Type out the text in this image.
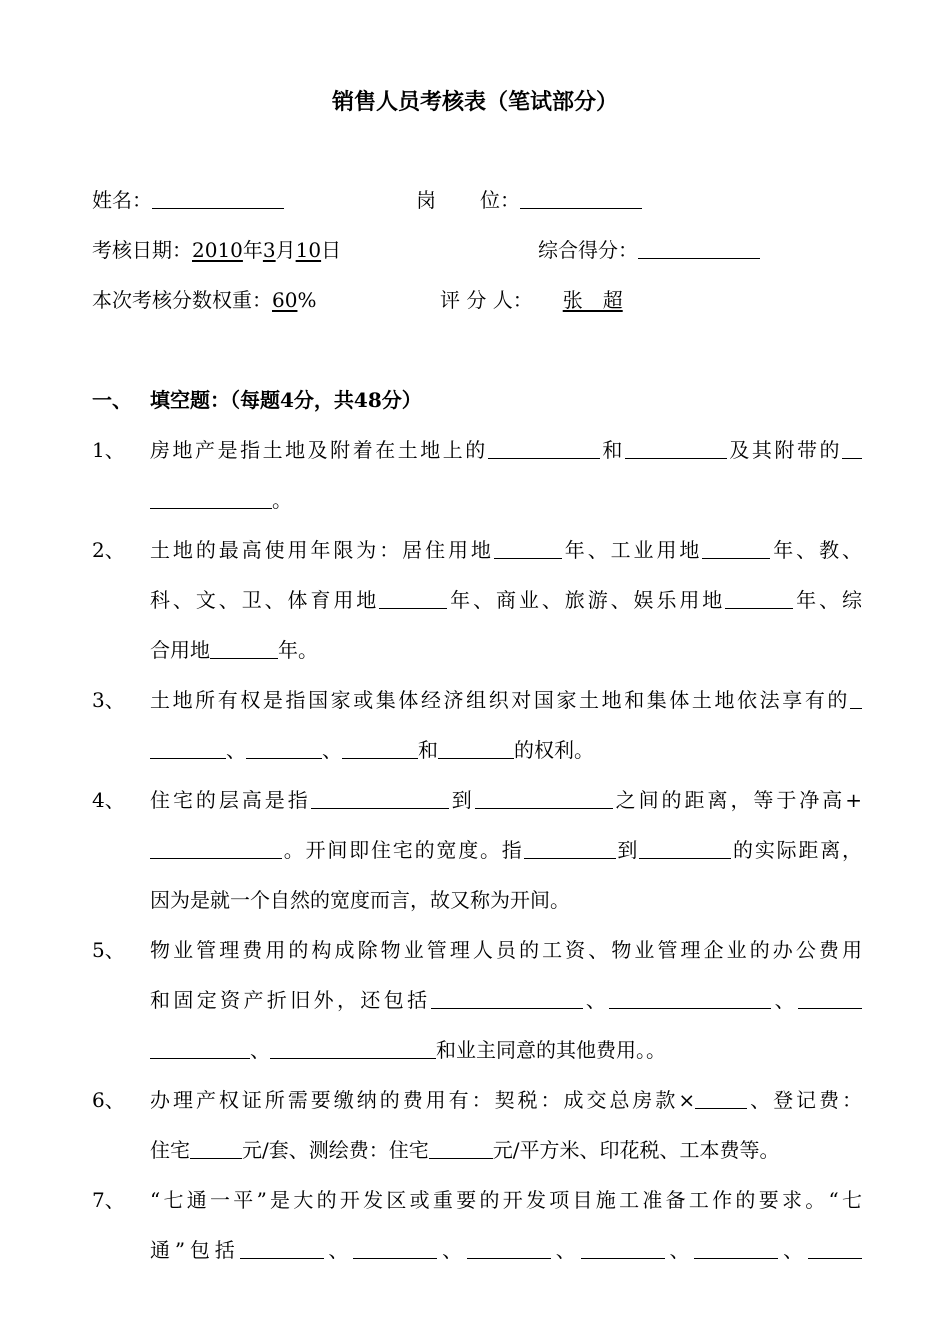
销售人员考核表（笔试部分）
姓名：	岗 位：
考核日期：2010年3月10日	综合得分：
本次考核分数权重：60%	评 分 人： 张　超
一、 填空题：（每题4分，共48分）
1、 房地产是指土地及附着在土地上的	和	及其附带的
。
2、 土地的最高使用年限为：居住用地	年、工业用地	年、教、
科、文、卫、体育用地	年、商业、旅游、娱乐用地	年、综
合用地	年。
3、 土地所有权是指国家或集体经济组织对国家土地和集体土地依法享有的
、	、	和	的权利。
4、 住宅的层高是指	到	之间的距离，等于净高+
。开间即住宅的宽度。指	到	的实际距离，
因为是就一个自然的宽度而言，故又称为开间。
5、 物业管理费用的构成除物业管理人员的工资、物业管理企业的办公费用
和固定资产折旧外，还包括	、	、
、	和业主同意的其他费用。。
6、 办理产权证所需要缴纳的费用有：契税：成交总房款×	、登记费：
住宅	元/套、测绘费：住宅	元/平方米、印花税、工本费等。
7、 “七通一平”是大的开发区或重要的开发项目施工准备工作的要求。“七
通”包括	、	、	、	、	、
